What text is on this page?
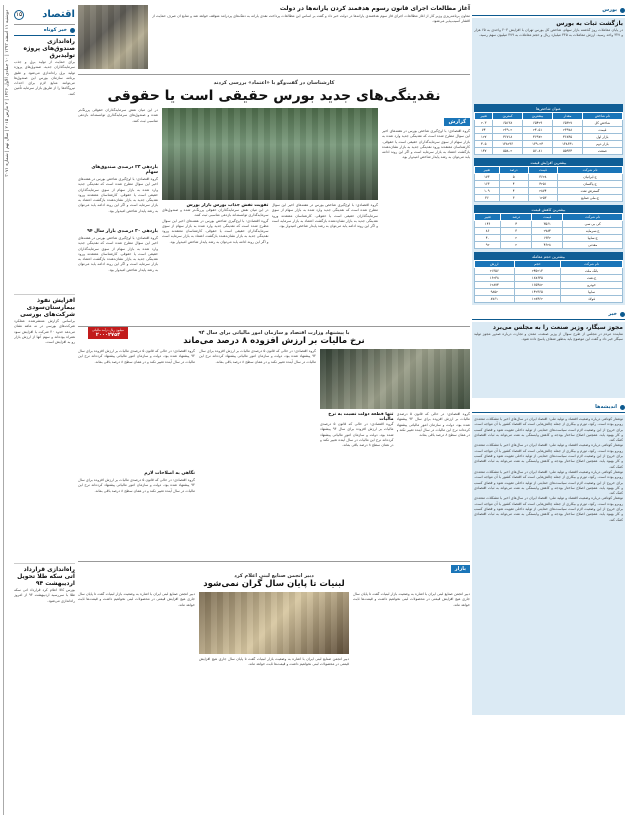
دوشنبه ۱۱ اسفند ۱۳۹۳ | ۱۰ جمادی الاول ۱۴۳۶ | ۲ مارس ۲۰۱۵ | سال نهم | شماره ۳۰۷۱	اقتصاد
۱۵
خبر کوتاه
راه‌اندازی صندوق‌های پروژه تولیدبرق
برای حمایت از تولید برق و جذب سرمایه‌گذاران جدید، صندوق‌های پروژه تولید برق راه‌اندازی می‌شود و طبق برنامه سازمان بورس این صندوق‌ها می‌توانند منابع لازم برای احداث نیروگاه‌ها را از طریق بازار سرمایه تأمین کنند.
افزایش نفوذ بیمارستان‌سودی شرکت‌های بورسی
براساس گزارش منتشرشده عملکرد شرکت‌های بورسی در نه ماهه نشان می‌دهد حدود ۴۰ شرکت با افزایش سود همراه بوده‌اند و سهم آنها از ارزش بازار رو به افزایش است.
راه‌اندازی قرارداد آتی سکه طلا تحویل اردیبهشت ۹۴
بورس کالا اعلام کرد قرارداد آتی سکه طلا با سررسید اردیبهشت ۹۴ از امروز راه‌اندازی می‌شود.
آغاز مطالعات اجرای قانون رسوم هدفمند کردن یارانه‌ها در دولت
معاون برنامه‌ریزی وزیر کار از آغاز مطالعات اجرای فاز سوم هدفمندی یارانه‌ها در دولت خبر داد و گفت بر اساس این مطالعات پرداخت نقدی یارانه به دهک‌های پردرآمد متوقف خواهد شد و منابع آن صرف حمایت از اقشار آسیب‌پذیر می‌شود.
کارشناسان در گفت‌وگو با «اعتماد» بررسی کردند
نقدینگی‌های جدید بورس حقیقی است یا حقوقی
گزارش
گروه اقتصادی: با اوج‌گیری شاخص بورس در هفته‌های اخیر این سوال مطرح شده است که نقدینگی جدید وارد شده به بازار سهام از سوی سرمایه‌گذاران حقیقی است یا حقوقی. کارشناسان معتقدند ورود نقدینگی جدید به بازار نشان‌دهنده بازگشت اعتماد به بازار سرمایه است و اگر این روند ادامه یابد می‌توان به رشد پایدار شاخص امیدوار بود.
گروه اقتصادی: با اوج‌گیری شاخص بورس در هفته‌های اخیر این سوال مطرح شده است که نقدینگی جدید وارد شده به بازار سهام از سوی سرمایه‌گذاران حقیقی است یا حقوقی. کارشناسان معتقدند ورود نقدینگی جدید به بازار نشان‌دهنده بازگشت اعتماد به بازار سرمایه است و اگر این روند ادامه یابد می‌توان به رشد پایدار شاخص امیدوار بود.
تقویت نقش جذاب بورس بازار بورس
در این میان نقش سرمایه‌گذاران حقوقی پررنگ‌تر شده و صندوق‌های سرمایه‌گذاری توانسته‌اند بازدهی مناسبی ثبت کنند.
گروه اقتصادی: با اوج‌گیری شاخص بورس در هفته‌های اخیر این سوال مطرح شده است که نقدینگی جدید وارد شده به بازار سهام از سوی سرمایه‌گذاران حقیقی است یا حقوقی. کارشناسان معتقدند ورود نقدینگی جدید به بازار نشان‌دهنده بازگشت اعتماد به بازار سرمایه است و اگر این روند ادامه یابد می‌توان به رشد پایدار شاخص امیدوار بود.
در این میان نقش سرمایه‌گذاران حقوقی پررنگ‌تر شده و صندوق‌های سرمایه‌گذاری توانسته‌اند بازدهی مناسبی ثبت کنند.
بازدهی ۲۳ درصدی صندوق‌های سهام
گروه اقتصادی: با اوج‌گیری شاخص بورس در هفته‌های اخیر این سوال مطرح شده است که نقدینگی جدید وارد شده به بازار سهام از سوی سرمایه‌گذاران حقیقی است یا حقوقی. کارشناسان معتقدند ورود نقدینگی جدید به بازار نشان‌دهنده بازگشت اعتماد به بازار سرمایه است و اگر این روند ادامه یابد می‌توان به رشد پایدار شاخص امیدوار بود.
بازدهی ۳۰ درصدی بازار سال ۹۴
گروه اقتصادی: با اوج‌گیری شاخص بورس در هفته‌های اخیر این سوال مطرح شده است که نقدینگی جدید وارد شده به بازار سهام از سوی سرمایه‌گذاران حقیقی است یا حقوقی. کارشناسان معتقدند ورود نقدینگی جدید به بازار نشان‌دهنده بازگشت اعتماد به بازار سرمایه است و اگر این روند ادامه یابد می‌توان به رشد پایدار شاخص امیدوار بود.
با پیشنهاد وزارت اقتصاد و سازمان امور مالیاتی برای سال ۹۴
نرخ مالیات بر ارزش افزوده ۸ درصد می‌ماند
میلیون ریال درآمد مالیاتی
۲۰۰۰۲۷۵۴
گروه اقتصادی: در حالی که قانون ۵ درصدی مالیات بر ارزش افزوده برای سال ۹۴ پیشنهاد شده بود، دولت و سازمان امور مالیاتی پیشنهاد کرده‌اند نرخ این مالیات در سال آینده تغییر نکند و در همان سطح ۸ درصد باقی بماند.
تنها قطعه دولت نسبت به نرخ مالیات
گروه اقتصادی: در حالی که قانون ۵ درصدی مالیات بر ارزش افزوده برای سال ۹۴ پیشنهاد شده بود، دولت و سازمان امور مالیاتی پیشنهاد کرده‌اند نرخ این مالیات در سال آینده تغییر نکند و در همان سطح ۸ درصد باقی بماند.
گروه اقتصادی: در حالی که قانون ۵ درصدی مالیات بر ارزش افزوده برای سال ۹۴ پیشنهاد شده بود، دولت و سازمان امور مالیاتی پیشنهاد کرده‌اند نرخ این مالیات در سال آینده تغییر نکند و در همان سطح ۸ درصد باقی بماند.
گروه اقتصادی: در حالی که قانون ۵ درصدی مالیات بر ارزش افزوده برای سال ۹۴ پیشنهاد شده بود، دولت و سازمان امور مالیاتی پیشنهاد کرده‌اند نرخ این مالیات در سال آینده تغییر نکند و در همان سطح ۸ درصد باقی بماند.
نگاهی به اصلاحات لازم
گروه اقتصادی: در حالی که قانون ۵ درصدی مالیات بر ارزش افزوده برای سال ۹۴ پیشنهاد شده بود، دولت و سازمان امور مالیاتی پیشنهاد کرده‌اند نرخ این مالیات در سال آینده تغییر نکند و در همان سطح ۸ درصد باقی بماند.
بازار
دبیر انجمن صنایع لبنی اعلام کرد
لبنیات تا پایان سال گران نمی‌شود
دبیر انجمن صنایع لبنی ایران با اشاره به وضعیت بازار لبنیات گفت تا پایان سال جاری هیچ افزایش قیمتی در محصولات لبنی نخواهیم داشت و قیمت‌ها ثابت خواهد ماند.
دبیر انجمن صنایع لبنی ایران با اشاره به وضعیت بازار لبنیات گفت تا پایان سال جاری هیچ افزایش قیمتی در محصولات لبنی نخواهیم داشت و قیمت‌ها ثابت خواهد ماند.
دبیر انجمن صنایع لبنی ایران با اشاره به وضعیت بازار لبنیات گفت تا پایان سال جاری هیچ افزایش قیمتی در محصولات لبنی نخواهیم داشت و قیمت‌ها ثابت خواهد ماند.
بورس
بازگشت ثبات به بورس
در پایان معاملات روز گذشته بازار سهام، شاخص کل بورس تهران با افزایش ۲۰۳ واحدی به ۶۵ هزار و ۳۲۷ واحد رسید. ارزش معاملات به ۳۴۵ میلیارد ریال و حجم معاملات به ۴۷۹ میلیون سهم رسید.
عنوان شاخص‌ها
نام شاخص	مقدار	بیشترین	کمترین	تغییر
شاخص کل	۶۵۳۲۷	۶۵۴۲۹	۶۵۱۳۸	۲۰۳
قیمت	۲۳۹۷۸	۲۴۰۵۱	۲۳۹۰۲	۷۴
بازار اول	۴۶۸۴۵	۴۶۹۷۲	۴۶۷۱۸	۱۲۷
بازار دوم	۱۳۸۶۴۱	۱۳۹۰۲۴	۱۳۸۲۳۶	۴۰۵
صنعت	۵۵۹۳۴	۵۶۰۸۱	۵۵۸۰۲	۱۴۷
بیشترین افزایش قیمت
نام شرکت	قیمت	درصد	تغییر
ح.ایرانیان	۳۶۲۸	۵	۱۷۳
ح.پاکسان	۴۲۵۱	۴	۱۶۳
گسترش نفت	۲۸۷۴	۴	۱۰۹
ح.ملی صنایع	۱۲۵۳	۳	۳۶
بیشترین کاهش قیمت
نام شرکت	قیمت	درصد	تغییر
کی بی سی	۳۵۶۱	۴	۱۴۶
ح.سرمایه	۲۷۸۴	۳	۸۶
ح.سایپا	۱۹۳۲	۲	۴۰
معدنی	۴۶۲۸	۲	۹۲
بیشترین حجم معامله
نام شرکت	حجم	ارزش
بانک ملت	۲۴۵۲۱۳	۲۱۳۵۶
ح.نفت	۱۸۷۶۴۵	۱۶۲۳۸
خودرو	۱۶۵۴۸۲	۱۲۸۷۴
سایپا	۱۴۲۳۶۵	۹۸۵۲
فولاد	۱۲۸۴۶۲	۸۷۶۱
خبر
مجوز سیگار، وزیر صنعت را به مجلس می‌برد
نماینده مردم در مجلس از طرح سوال از وزیر صنعت، معدن و تجارت درباره صدور مجوز تولید سیگار خبر داد و گفت این موضوع باید به‌طور شفاف پاسخ داده شود.
اندیشه‌ها
نوشتار کوتاهی درباره وضعیت اقتصاد و تولید ملی: اقتصاد ایران در سال‌های اخیر با مشکلات متعددی روبرو بوده است. رکود، تورم و بیکاری از جمله چالش‌هایی است که اقتصاد کشور با آن مواجه است. برای خروج از این وضعیت لازم است سیاست‌های حمایتی از تولید داخلی تقویت شود و فضای کسب و کار بهبود یابد. همچنین اصلاح ساختار بودجه و کاهش وابستگی به نفت می‌تواند به ثبات اقتصادی کمک کند.
نوشتار کوتاهی درباره وضعیت اقتصاد و تولید ملی: اقتصاد ایران در سال‌های اخیر با مشکلات متعددی روبرو بوده است. رکود، تورم و بیکاری از جمله چالش‌هایی است که اقتصاد کشور با آن مواجه است. برای خروج از این وضعیت لازم است سیاست‌های حمایتی از تولید داخلی تقویت شود و فضای کسب و کار بهبود یابد. همچنین اصلاح ساختار بودجه و کاهش وابستگی به نفت می‌تواند به ثبات اقتصادی کمک کند.
نوشتار کوتاهی درباره وضعیت اقتصاد و تولید ملی: اقتصاد ایران در سال‌های اخیر با مشکلات متعددی روبرو بوده است. رکود، تورم و بیکاری از جمله چالش‌هایی است که اقتصاد کشور با آن مواجه است. برای خروج از این وضعیت لازم است سیاست‌های حمایتی از تولید داخلی تقویت شود و فضای کسب و کار بهبود یابد. همچنین اصلاح ساختار بودجه و کاهش وابستگی به نفت می‌تواند به ثبات اقتصادی کمک کند.
نوشتار کوتاهی درباره وضعیت اقتصاد و تولید ملی: اقتصاد ایران در سال‌های اخیر با مشکلات متعددی روبرو بوده است. رکود، تورم و بیکاری از جمله چالش‌هایی است که اقتصاد کشور با آن مواجه است. برای خروج از این وضعیت لازم است سیاست‌های حمایتی از تولید داخلی تقویت شود و فضای کسب و کار بهبود یابد. همچنین اصلاح ساختار بودجه و کاهش وابستگی به نفت می‌تواند به ثبات اقتصادی کمک کند.
